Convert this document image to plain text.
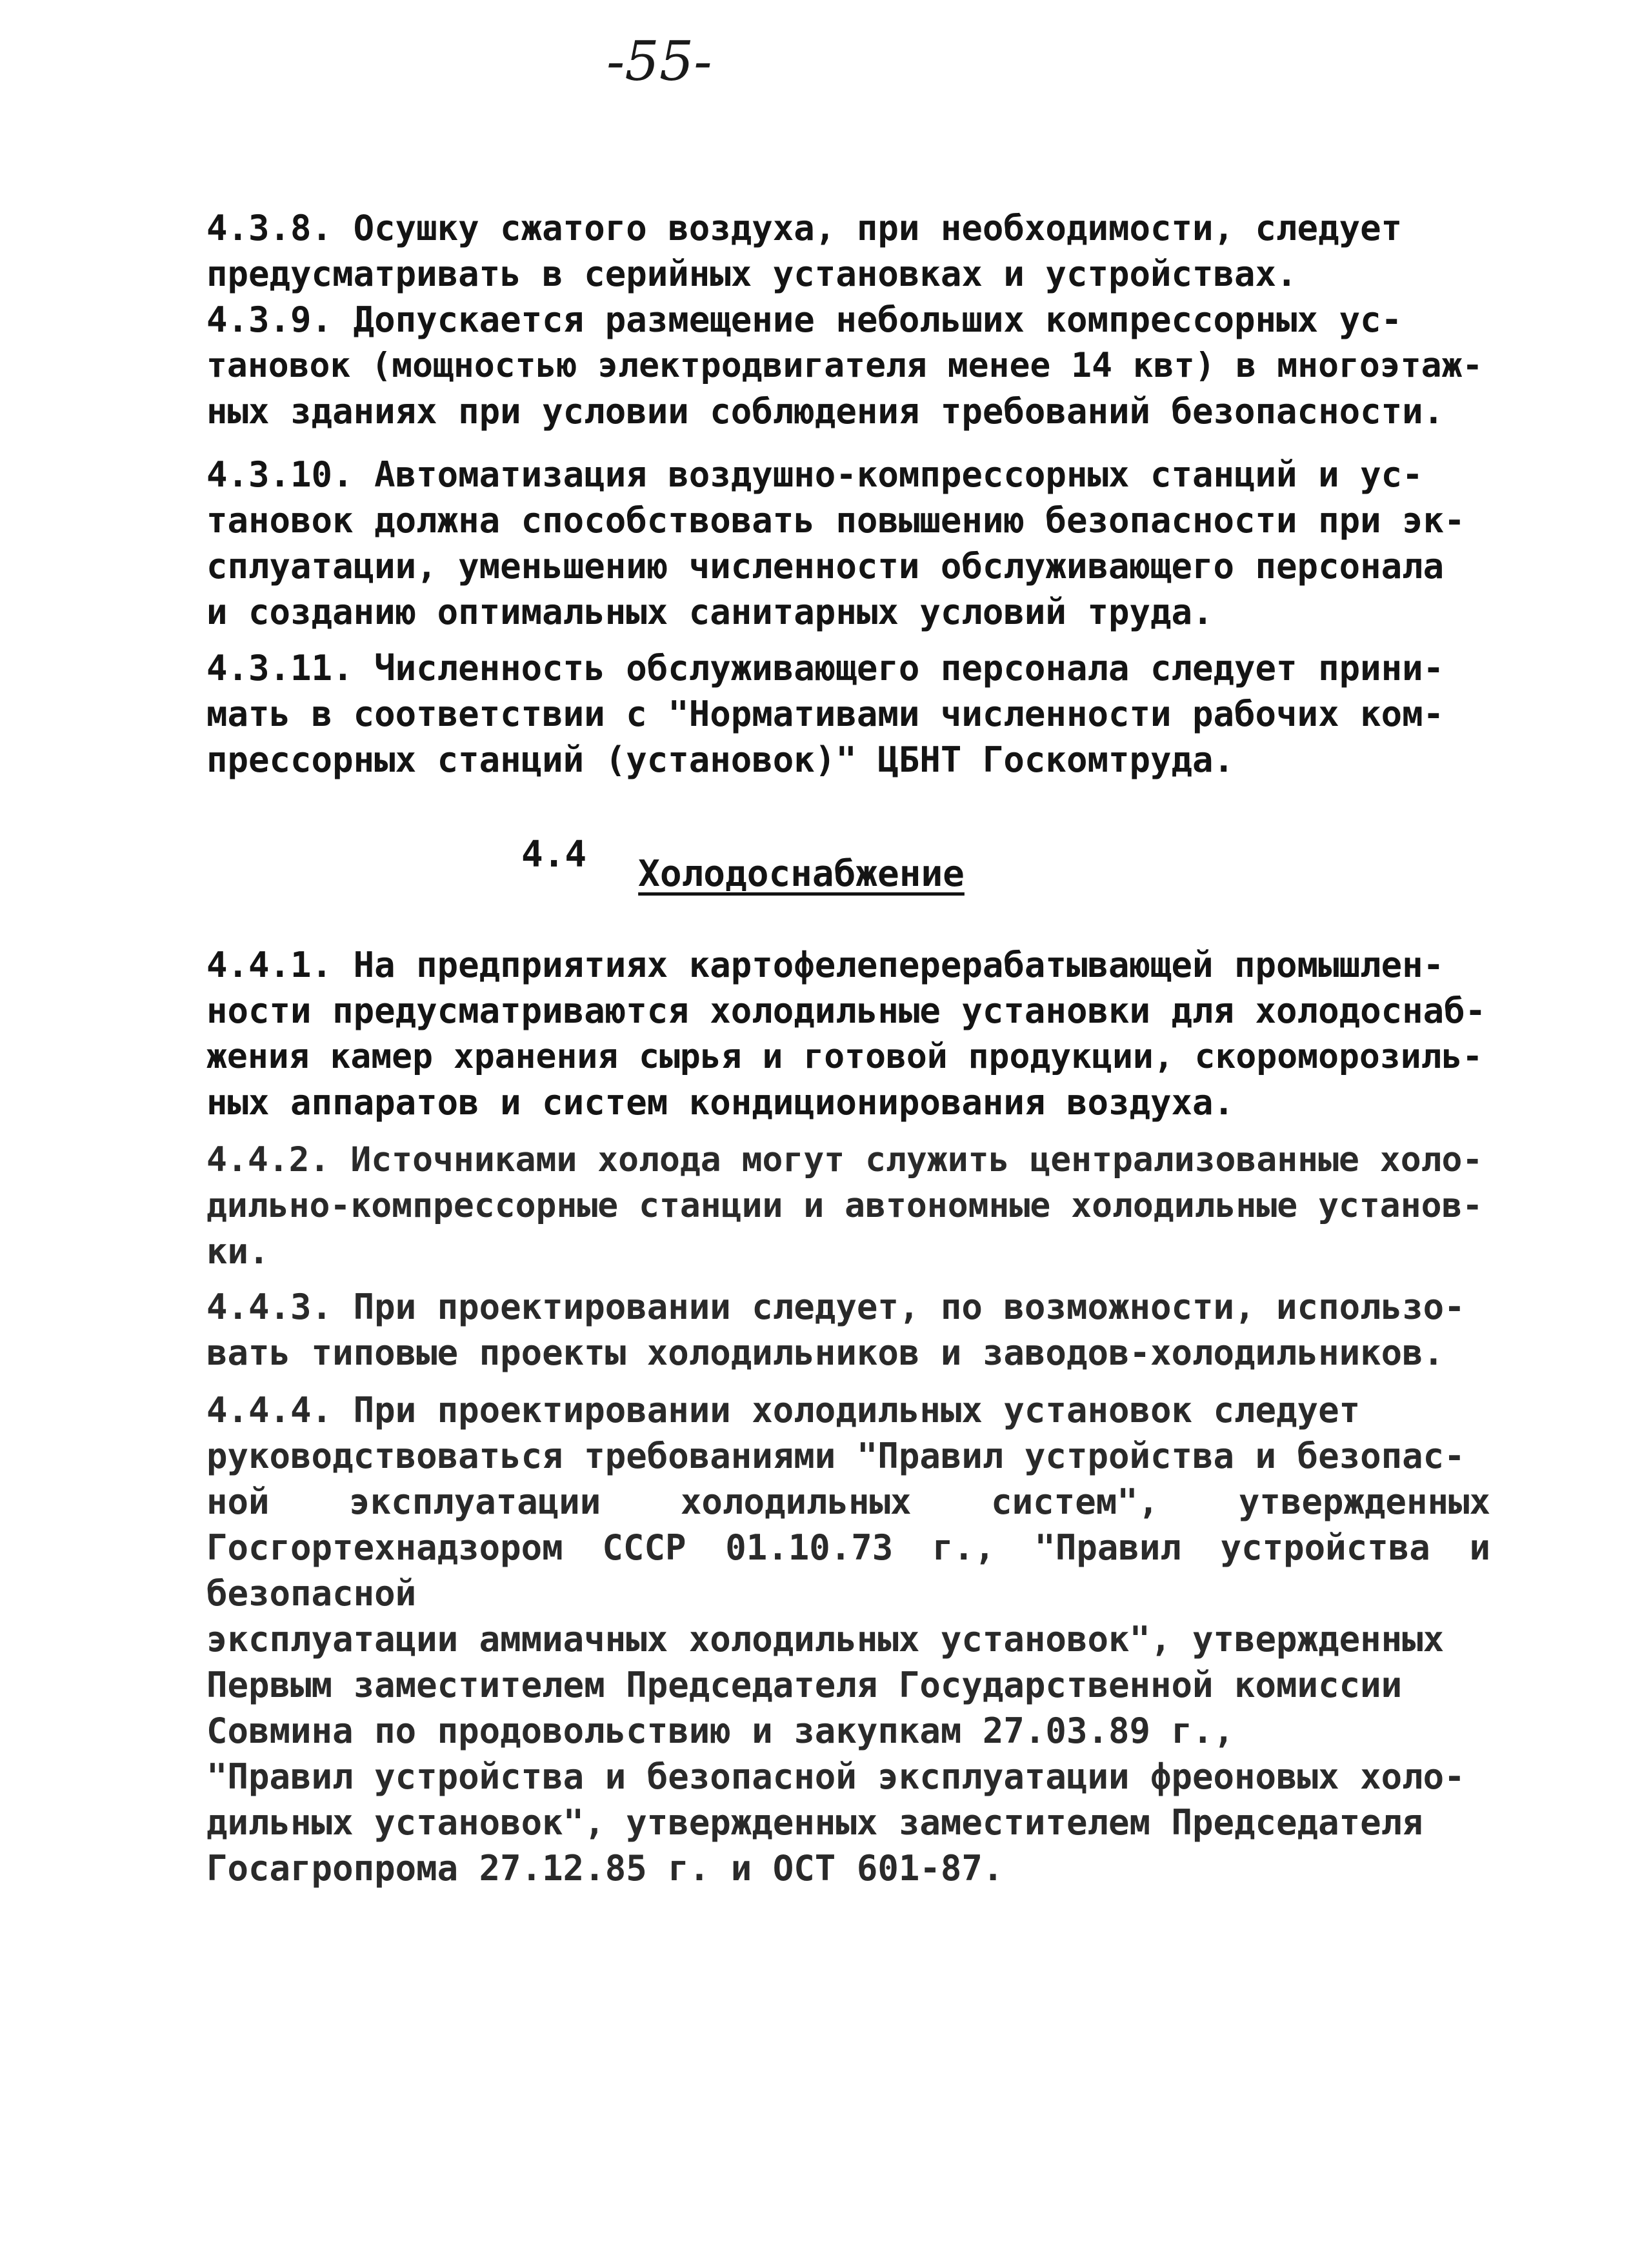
-55-
4.3.8. Осушку сжатого воздуха, при необходимости, следует
предусматривать в серийных установках и устройствах.
4.3.9. Допускается размещение небольших компрессорных ус-
тановок (мощностью электродвигателя менее 14 квт) в многоэтаж-
ных зданиях при условии соблюдения требований безопасности.
4.3.10. Автоматизация воздушно-компрессорных станций и ус-
тановок должна способствовать повышению безопасности при эк-
сплуатации, уменьшению численности обслуживающего персонала
и созданию оптимальных санитарных условий труда.
4.3.11. Численность обслуживающего персонала следует прини-
мать в соответствии с "Нормативами численности рабочих ком-
прессорных станций (установок)" ЦБНТ Госкомтруда.
4.4 Холодоснабжение
4.4.1. На предприятиях картофелеперерабатывающей промышлен-
ности предусматриваются холодильные установки для холодоснаб-
жения камер хранения сырья и готовой продукции, скороморозиль-
ных аппаратов и систем кондиционирования воздуха.
4.4.2. Источниками холода могут служить централизованные холо-
дильно-компрессорные станции и автономные холодильные установ-
ки.
4.4.3. При проектировании следует, по возможности, использо-
вать типовые проекты холодильников и заводов-холодильников.
4.4.4. При проектировании холодильных установок следует
руководствоваться требованиями "Правил устройства и безопас-
ной эксплуатации холодильных систем", утвержденных Госгортехнадзором СССР 01.10.73 г., "Правил устройства и безопасной
эксплуатации аммиачных холодильных установок", утвержденных
Первым заместителем Председателя Государственной комиссии
Совмина по продовольствию и закупкам 27.03.89 г.,
"Правил устройства и безопасной эксплуатации фреоновых холо-
дильных установок", утвержденных заместителем Председателя
Госагропрома 27.12.85 г. и ОСТ 601-87.
